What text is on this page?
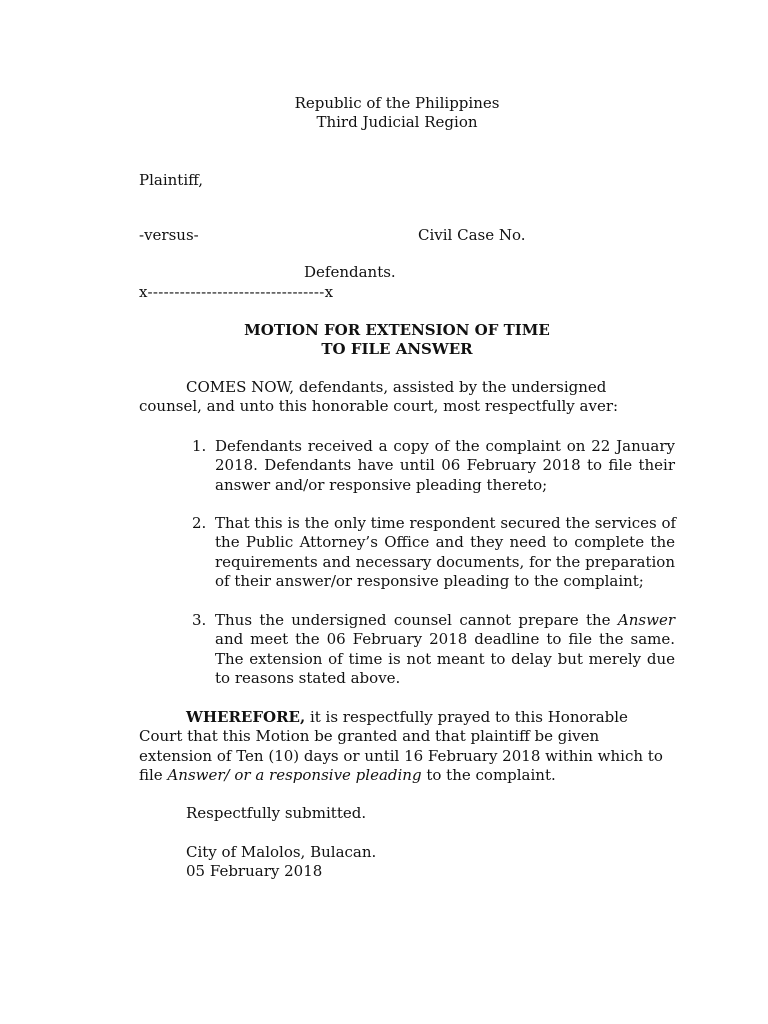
Republic of the Philippines
Third Judicial Region
Plaintiff,
-versus-	Civil Case No.
Defendants.
x---------------------------------x
MOTION FOR EXTENSION OF TIME
TO FILE ANSWER
COMES NOW, defendants, assisted by the undersigned
counsel, and unto this honorable court, most respectfully aver:
1. Defendants received a copy of the complaint on 22 January
2018. Defendants have until 06 February 2018 to file their
answer and/or responsive pleading thereto;
2. That this is the only time respondent secured the services of
the Public Attorney’s Office and they need to complete the
requirements and necessary documents, for the preparation
of their answer/or responsive pleading to the complaint;
3. Thus the undersigned counsel cannot prepare the Answer
and meet the 06 February 2018 deadline to file the same.
The extension of time is not meant to delay but merely due
to reasons stated above.
WHEREFORE, it is respectfully prayed to this Honorable
Court that this Motion be granted and that plaintiff be given
extension of Ten (10) days or until 16 February 2018 within which to
file Answer/ or a responsive pleading to the complaint.
Respectfully submitted.
City of Malolos, Bulacan.
05 February 2018
